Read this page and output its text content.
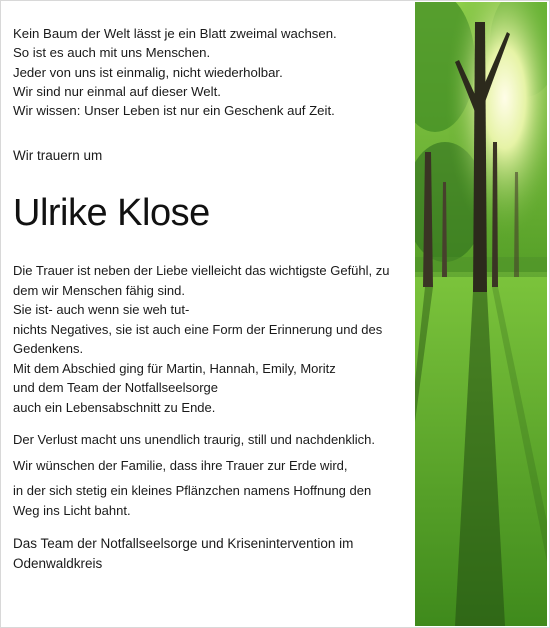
Kein Baum der Welt lässt je ein Blatt zweimal wachsen.
So ist es auch mit uns Menschen.
Jeder von uns ist einmalig, nicht wiederholbar.
Wir sind nur einmal auf dieser Welt.
Wir wissen: Unser Leben ist nur ein Geschenk auf Zeit.
Wir trauern um
Ulrike Klose
Die Trauer ist neben der Liebe vielleicht das wichtigste Gefühl, zu
dem wir Menschen fähig sind.
Sie ist- auch wenn sie weh tut-
nichts Negatives, sie ist auch eine Form der Erinnerung und des
Gedenkens.
Mit dem Abschied ging für Martin, Hannah, Emily, Moritz
und dem Team der Notfallseelsorge
auch ein Lebensabschnitt zu Ende.
Der Verlust macht uns unendlich traurig, still und nachdenklich.
Wir wünschen der Familie, dass ihre Trauer zur Erde wird,
in der sich stetig ein kleines Pflänzchen namens Hoffnung den
Weg ins Licht bahnt.
Das Team der Notfallseelsorge und Krisenintervention im
Odenwaldkreis
